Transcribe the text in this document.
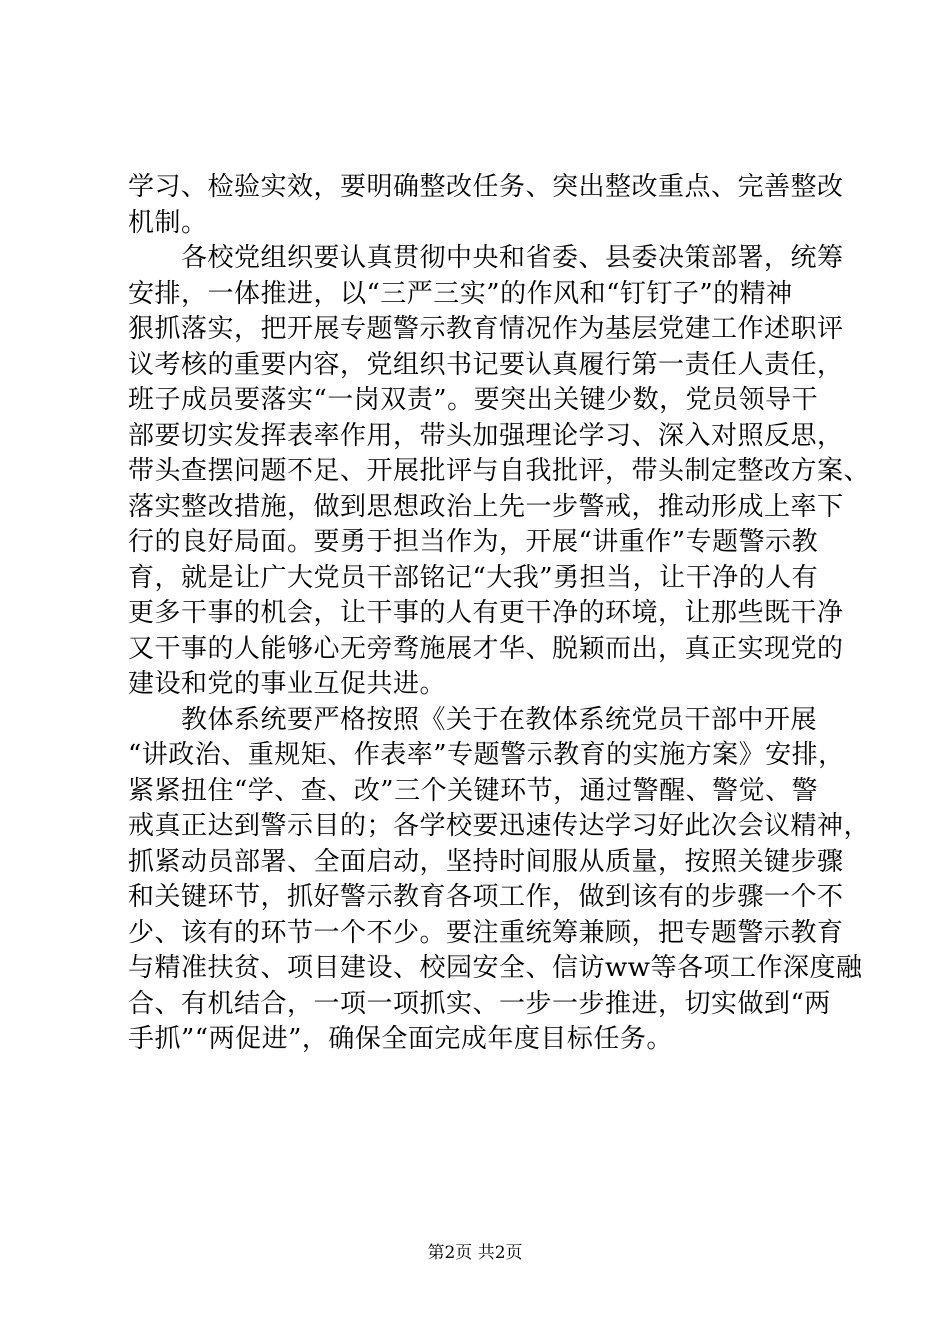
学习、检验实效，要明确整改任务、突出整改重点、完善整改
机制。

　　各校党组织要认真贯彻中央和省委、县委决策部署，统筹
安排，一体推进，以“三严三实”的作风和“钉钉子”的精神
狠抓落实，把开展专题警示教育情况作为基层党建工作述职评
议考核的重要内容，党组织书记要认真履行第一责任人责任，
班子成员要落实“一岗双责”。要突出关键少数，党员领导干
部要切实发挥表率作用，带头加强理论学习、深入对照反思，
带头查摆问题不足、开展批评与自我批评，带头制定整改方案、
落实整改措施，做到思想政治上先一步警戒，推动形成上率下
行的良好局面。要勇于担当作为，开展“讲重作”专题警示教
育，就是让广大党员干部铭记“大我”勇担当，让干净的人有
更多干事的机会，让干事的人有更干净的环境，让那些既干净
又干事的人能够心无旁骛施展才华、脱颖而出，真正实现党的
建设和党的事业互促共进。

　　教体系统要严格按照《关于在教体系统党员干部中开展
“讲政治、重规矩、作表率”专题警示教育的实施方案》安排，
紧紧扭住“学、查、改”三个关键环节，通过警醒、警觉、警
戒真正达到警示目的；各学校要迅速传达学习好此次会议精神，
抓紧动员部署、全面启动，坚持时间服从质量，按照关键步骤
和关键环节，抓好警示教育各项工作，做到该有的步骤一个不
少、该有的环节一个不少。要注重统筹兼顾，把专题警示教育
与精准扶贫、项目建设、校园安全、信访ww等各项工作深度融
合、有机结合，一项一项抓实、一步一步推进，切实做到“两
手抓”“两促进”，确保全面完成年度目标任务。

第2页 共2页
